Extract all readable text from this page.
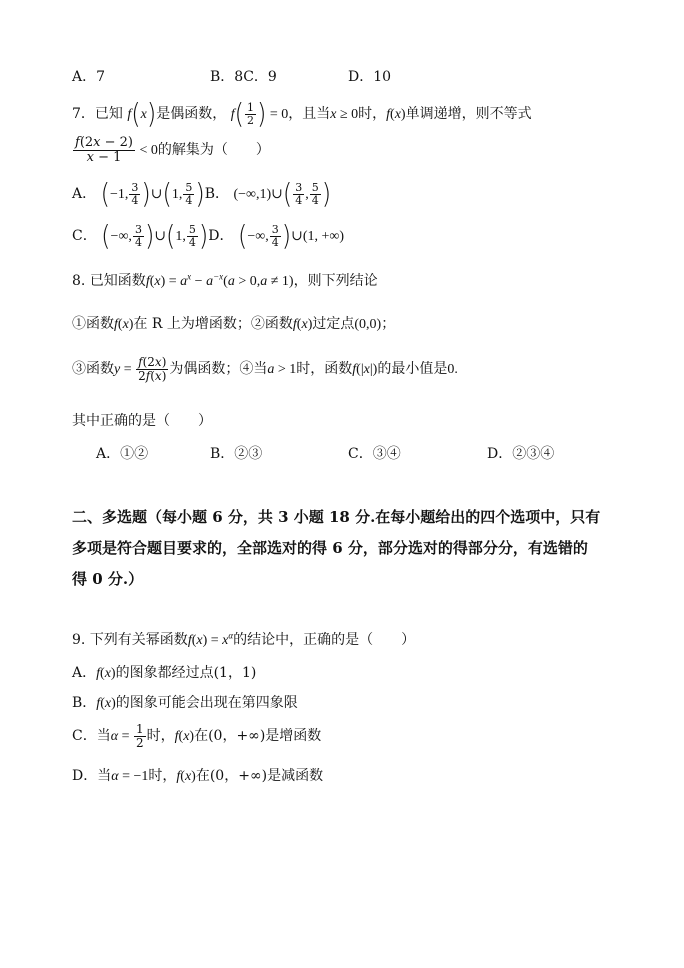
A．7	B．8C．9	D．10
7．已知 f(x)是偶函数， $f( \frac{1}{2}$ ) = 0，且当x ≥ 0时，f(x)单调递增，则不等式
$\frac{f(2x - 2)}{x - 1} < 0$的解集为（　　）
A． (−1, $\frac{3}{4}$ )∪(1, $\frac{5}{4} )B$． (−∞,1)∪( $\frac{3}{4}$ , $\frac{5}{4}$ )
C． (−∞, $\frac{3}{4}$ )∪(1, $\frac{5}{4} )D$． (−∞, $\frac{3}{4}$ )∪(1, +∞)
8. 已知函数$f(x) = a^x - a^{-x}(a > 0,a \ne 1)$，则下列结论
①函数f(x)在 R 上为增函数；②函数f(x)过定点(0,0)；
③函数$y = \frac{f(2x)}{2f(x)}$ 为偶函数；④当a > 1时，函数f(|x|)的最小值是0.
其中正确的是（　　）
A．①②	B．②③	C．③④	D．②③④
二、多选题（每小题 6 分，共 3 小题 18 分.在每小题给出的四个选项中，只有
多项是符合题目要求的，全部选对的得 6 分，部分选对的得部分分，有选错的
得 0 分.）
9. 下列有关幂函数$f(x) = x^\alpha$的结论中，正确的是（　　）
A．f(x)的图象都经过点(1，1)
B．f(x)的图象可能会出现在第四象限
C．当$\alpha = \frac{1}{2}$ 时，f(x)在(0，+∞)是增函数
D．当α = −1时，f(x)在(0，+∞)是减函数
